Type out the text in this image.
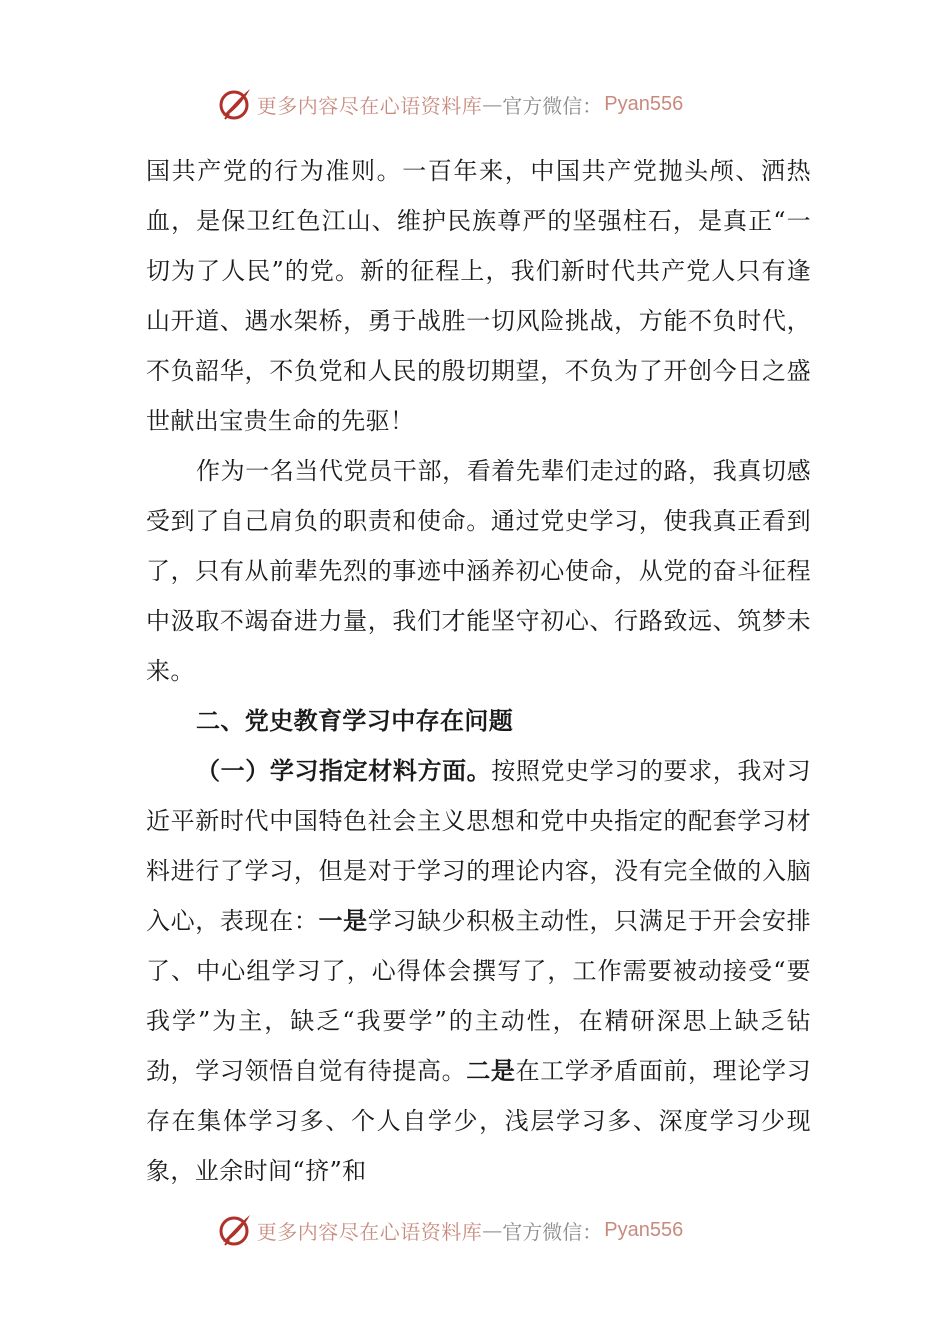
更多内容尽在心语资料库 — 官方微信： Pyan556

国共产党的行为准则。一百年来，中国共产党抛头颅、洒热血，是保卫红色江山、维护民族尊严的坚强柱石，是真正“一切为了人民”的党。新的征程上，我们新时代共产党人只有逢山开道、遇水架桥，勇于战胜一切风险挑战，方能不负时代，不负韶华，不负党和人民的殷切期望，不负为了开创今日之盛世献出宝贵生命的先驱！

作为一名当代党员干部，看着先辈们走过的路，我真切感受到了自己肩负的职责和使命。通过党史学习，使我真正看到了，只有从前辈先烈的事迹中涵养初心使命，从党的奋斗征程中汲取不竭奋进力量，我们才能坚守初心、行路致远、筑梦未来。

二、党史教育学习中存在问题

（一）学习指定材料方面。按照党史学习的要求，我对习近平新时代中国特色社会主义思想和党中央指定的配套学习材料进行了学习，但是对于学习的理论内容，没有完全做的入脑入心，表现在：一是学习缺少积极主动性，只满足于开会安排了、中心组学习了，心得体会撰写了，工作需要被动接受“要我学”为主，缺乏“我要学”的主动性，在精研深思上缺乏钻劲，学习领悟自觉有待提高。二是在工学矛盾面前，理论学习存在集体学习多、个人自学少，浅层学习多、深度学习少现象，业余时间“挤”和

更多内容尽在心语资料库 — 官方微信： Pyan556
